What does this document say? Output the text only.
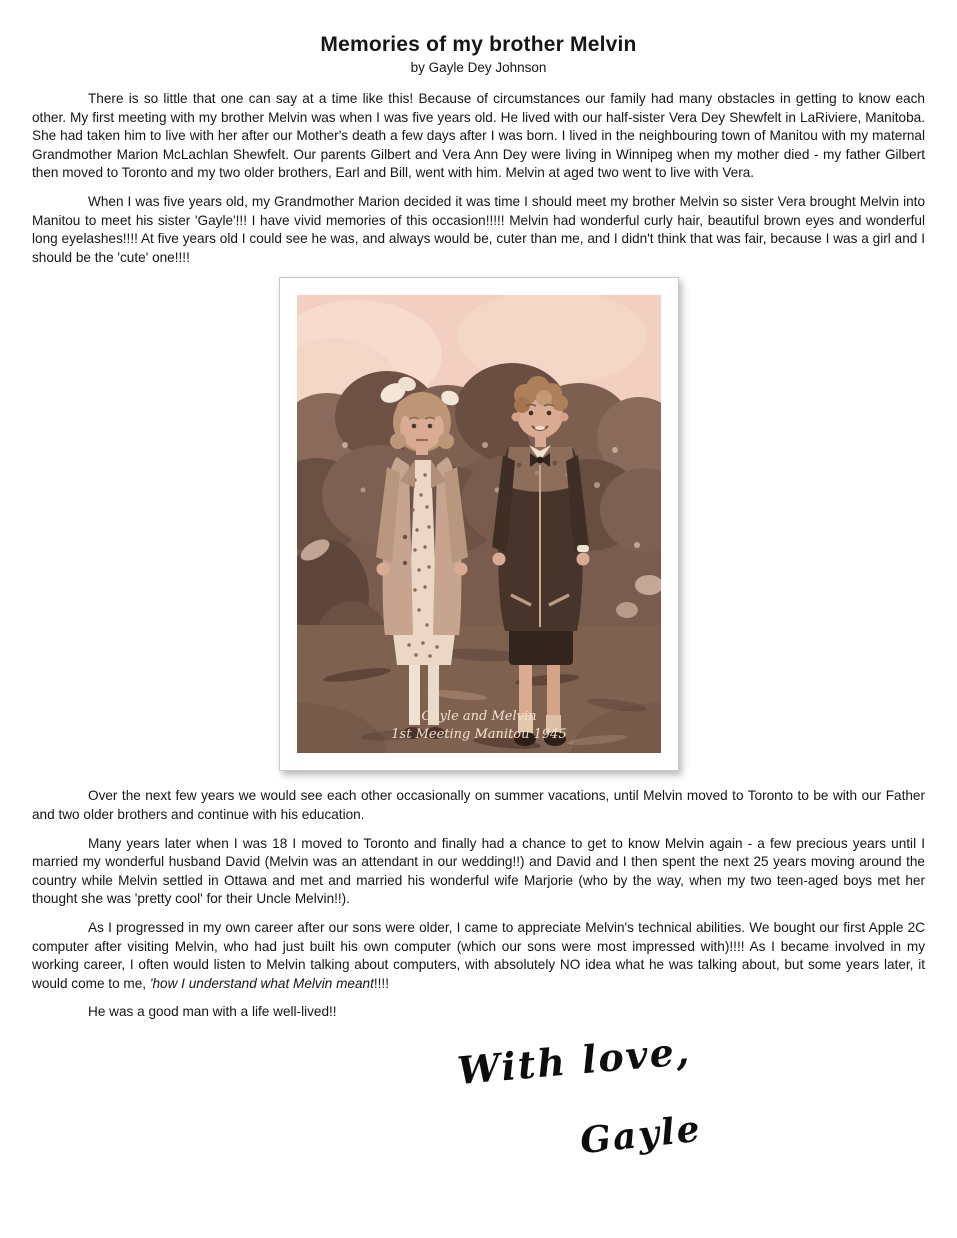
Memories of my brother Melvin
by Gayle Dey Johnson

There is so little that one can say at a time like this! Because of circumstances our family had many obstacles in getting to know each other. My first meeting with my brother Melvin was when I was five years old. He lived with our half-sister Vera Dey Shewfelt in LaRiviere, Manitoba. She had taken him to live with her after our Mother's death a few days after I was born. I lived in the neighbouring town of Manitou with my maternal Grandmother Marion McLachlan Shewfelt. Our parents Gilbert and Vera Ann Dey were living in Winnipeg when my mother died - my father Gilbert then moved to Toronto and my two older brothers, Earl and Bill, went with him. Melvin at aged two went to live with Vera.

When I was five years old, my Grandmother Marion decided it was time I should meet my brother Melvin so sister Vera brought Melvin into Manitou to meet his sister 'Gayle'!!! I have vivid memories of this occasion!!!!! Melvin had wonderful curly hair, beautiful brown eyes and wonderful long eyelashes!!!! At five years old I could see he was, and always would be, cuter than me, and I didn't think that was fair, because I was a girl and I should be the 'cute' one!!!!

Gayle and Melvin
1st Meeting Manitou 1945

Over the next few years we would see each other occasionally on summer vacations, until Melvin moved to Toronto to be with our Father and two older brothers and continue with his education.

Many years later when I was 18 I moved to Toronto and finally had a chance to get to know Melvin again - a few precious years until I married my wonderful husband David (Melvin was an attendant in our wedding!!) and David and I then spent the next 25 years moving around the country while Melvin settled in Ottawa and met and married his wonderful wife Marjorie (who by the way, when my two teen-aged boys met her thought she was 'pretty cool' for their Uncle Melvin!!).

As I progressed in my own career after our sons were older, I came to appreciate Melvin's technical abilities. We bought our first Apple 2C computer after visiting Melvin, who had just built his own computer (which our sons were most impressed with)!!!! As I became involved in my working career, I often would listen to Melvin talking about computers, with absolutely NO idea what he was talking about, but some years later, it would come to me, 'how I understand what Melvin meant!!!!

He was a good man with a life well-lived!!

With love,
Gayle
